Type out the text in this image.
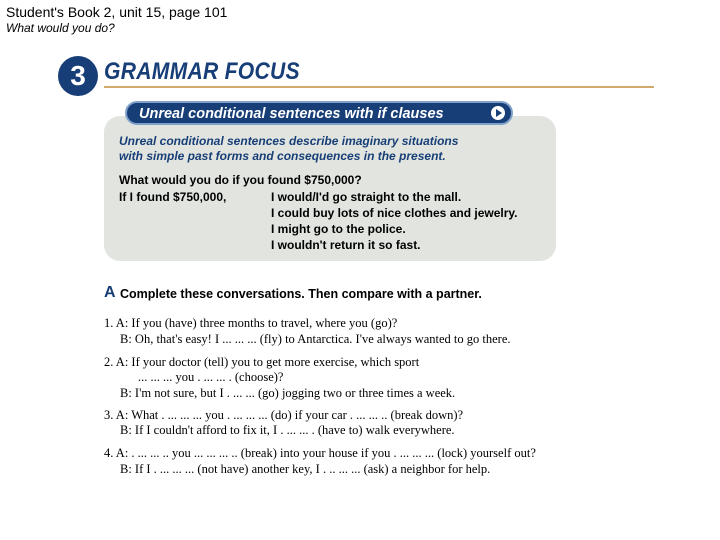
Student's Book 2, unit 15, page 101
What would you do?
3 GRAMMAR FOCUS
Unreal conditional sentences with if clauses
Unreal conditional sentences describe imaginary situations
with simple past forms and consequences in the present.
What would you do if you found $750,000?
If I found $750,000,	I would/I'd go straight to the mall.
I could buy lots of nice clothes and jewelry.
I might go to the police.
I wouldn't return it so fast.
A Complete these conversations. Then compare with a partner.
1. A: If you (have) three months to travel, where you (go)?
B: Oh, that's easy! I ... ... ... (fly) to Antarctica. I've always wanted to go there.
2. A: If your doctor (tell) you to get more exercise, which sport
... ... ... you . ... ... . (choose)?
B: I'm not sure, but I . ... ... (go) jogging two or three times a week.
3. A: What . ... ... ... you . ... ... ... (do) if your car . ... ... .. (break down)?
B: If I couldn't afford to fix it, I . ... ... . (have to) walk everywhere.
4. A: . ... ... .. you ... ... ... .. (break) into your house if you . ... ... ... (lock) yourself out?
B: If I . ... ... ... (not have) another key, I . .. ... ... (ask) a neighbor for help.
